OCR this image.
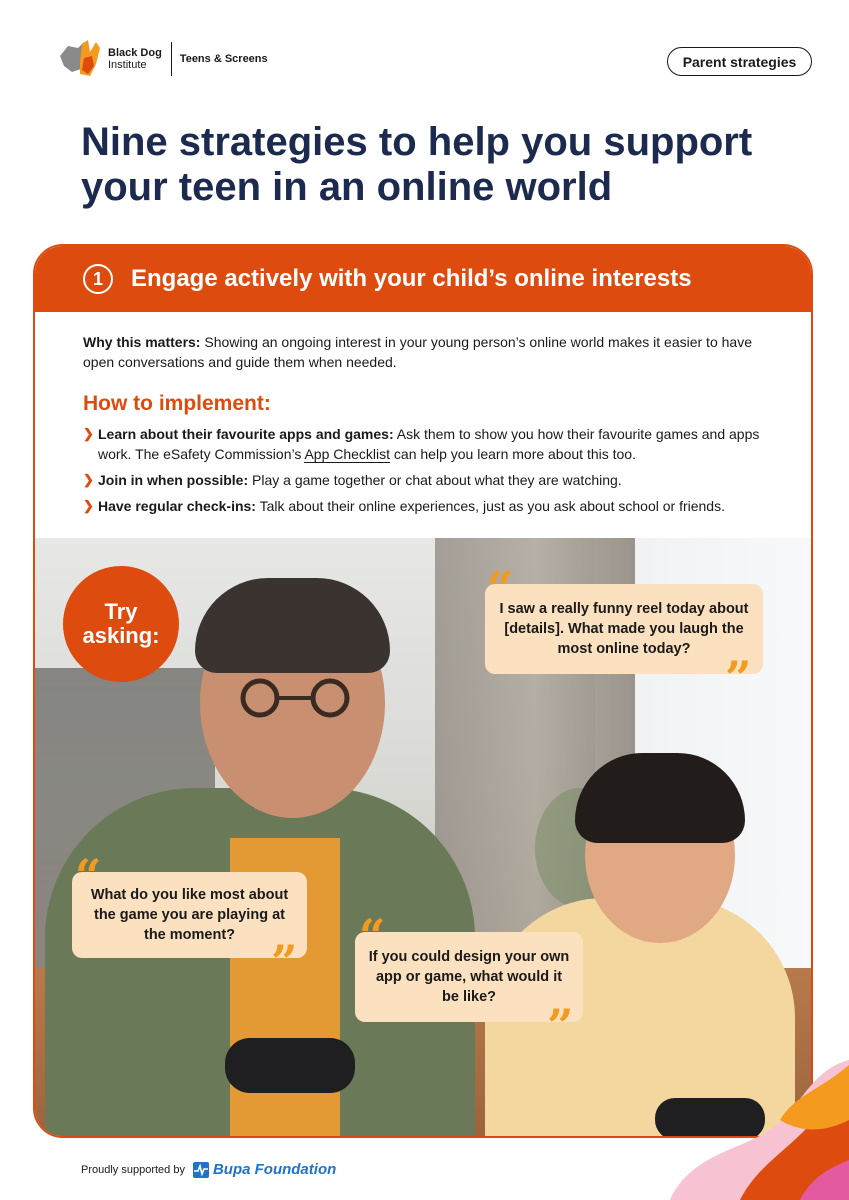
Black Dog
Institute	Teens & Screens	Parent strategies
Nine strategies to help you support your teen in an online world
1	Engage actively with your child’s online interests

Why this matters: Showing an ongoing interest in your young person’s online world makes it easier to have open conversations and guide them when needed.

How to implement:
❯ Learn about their favourite apps and games: Ask them to show you how their favourite games and apps work. The eSafety Commission’s App Checklist can help you learn more about this too.
❯ Join in when possible: Play a game together or chat about what they are watching.
❯ Have regular check-ins: Talk about their online experiences, just as you ask about school or friends.
Try
asking:
I saw a really funny reel today about [details]. What made you laugh the most online today?
“
”
What do you like most about the game you are playing at the moment?
“
”	If you could design your own app or game, what would it be like?
“
”
Proudly supported by Bupa Foundation
